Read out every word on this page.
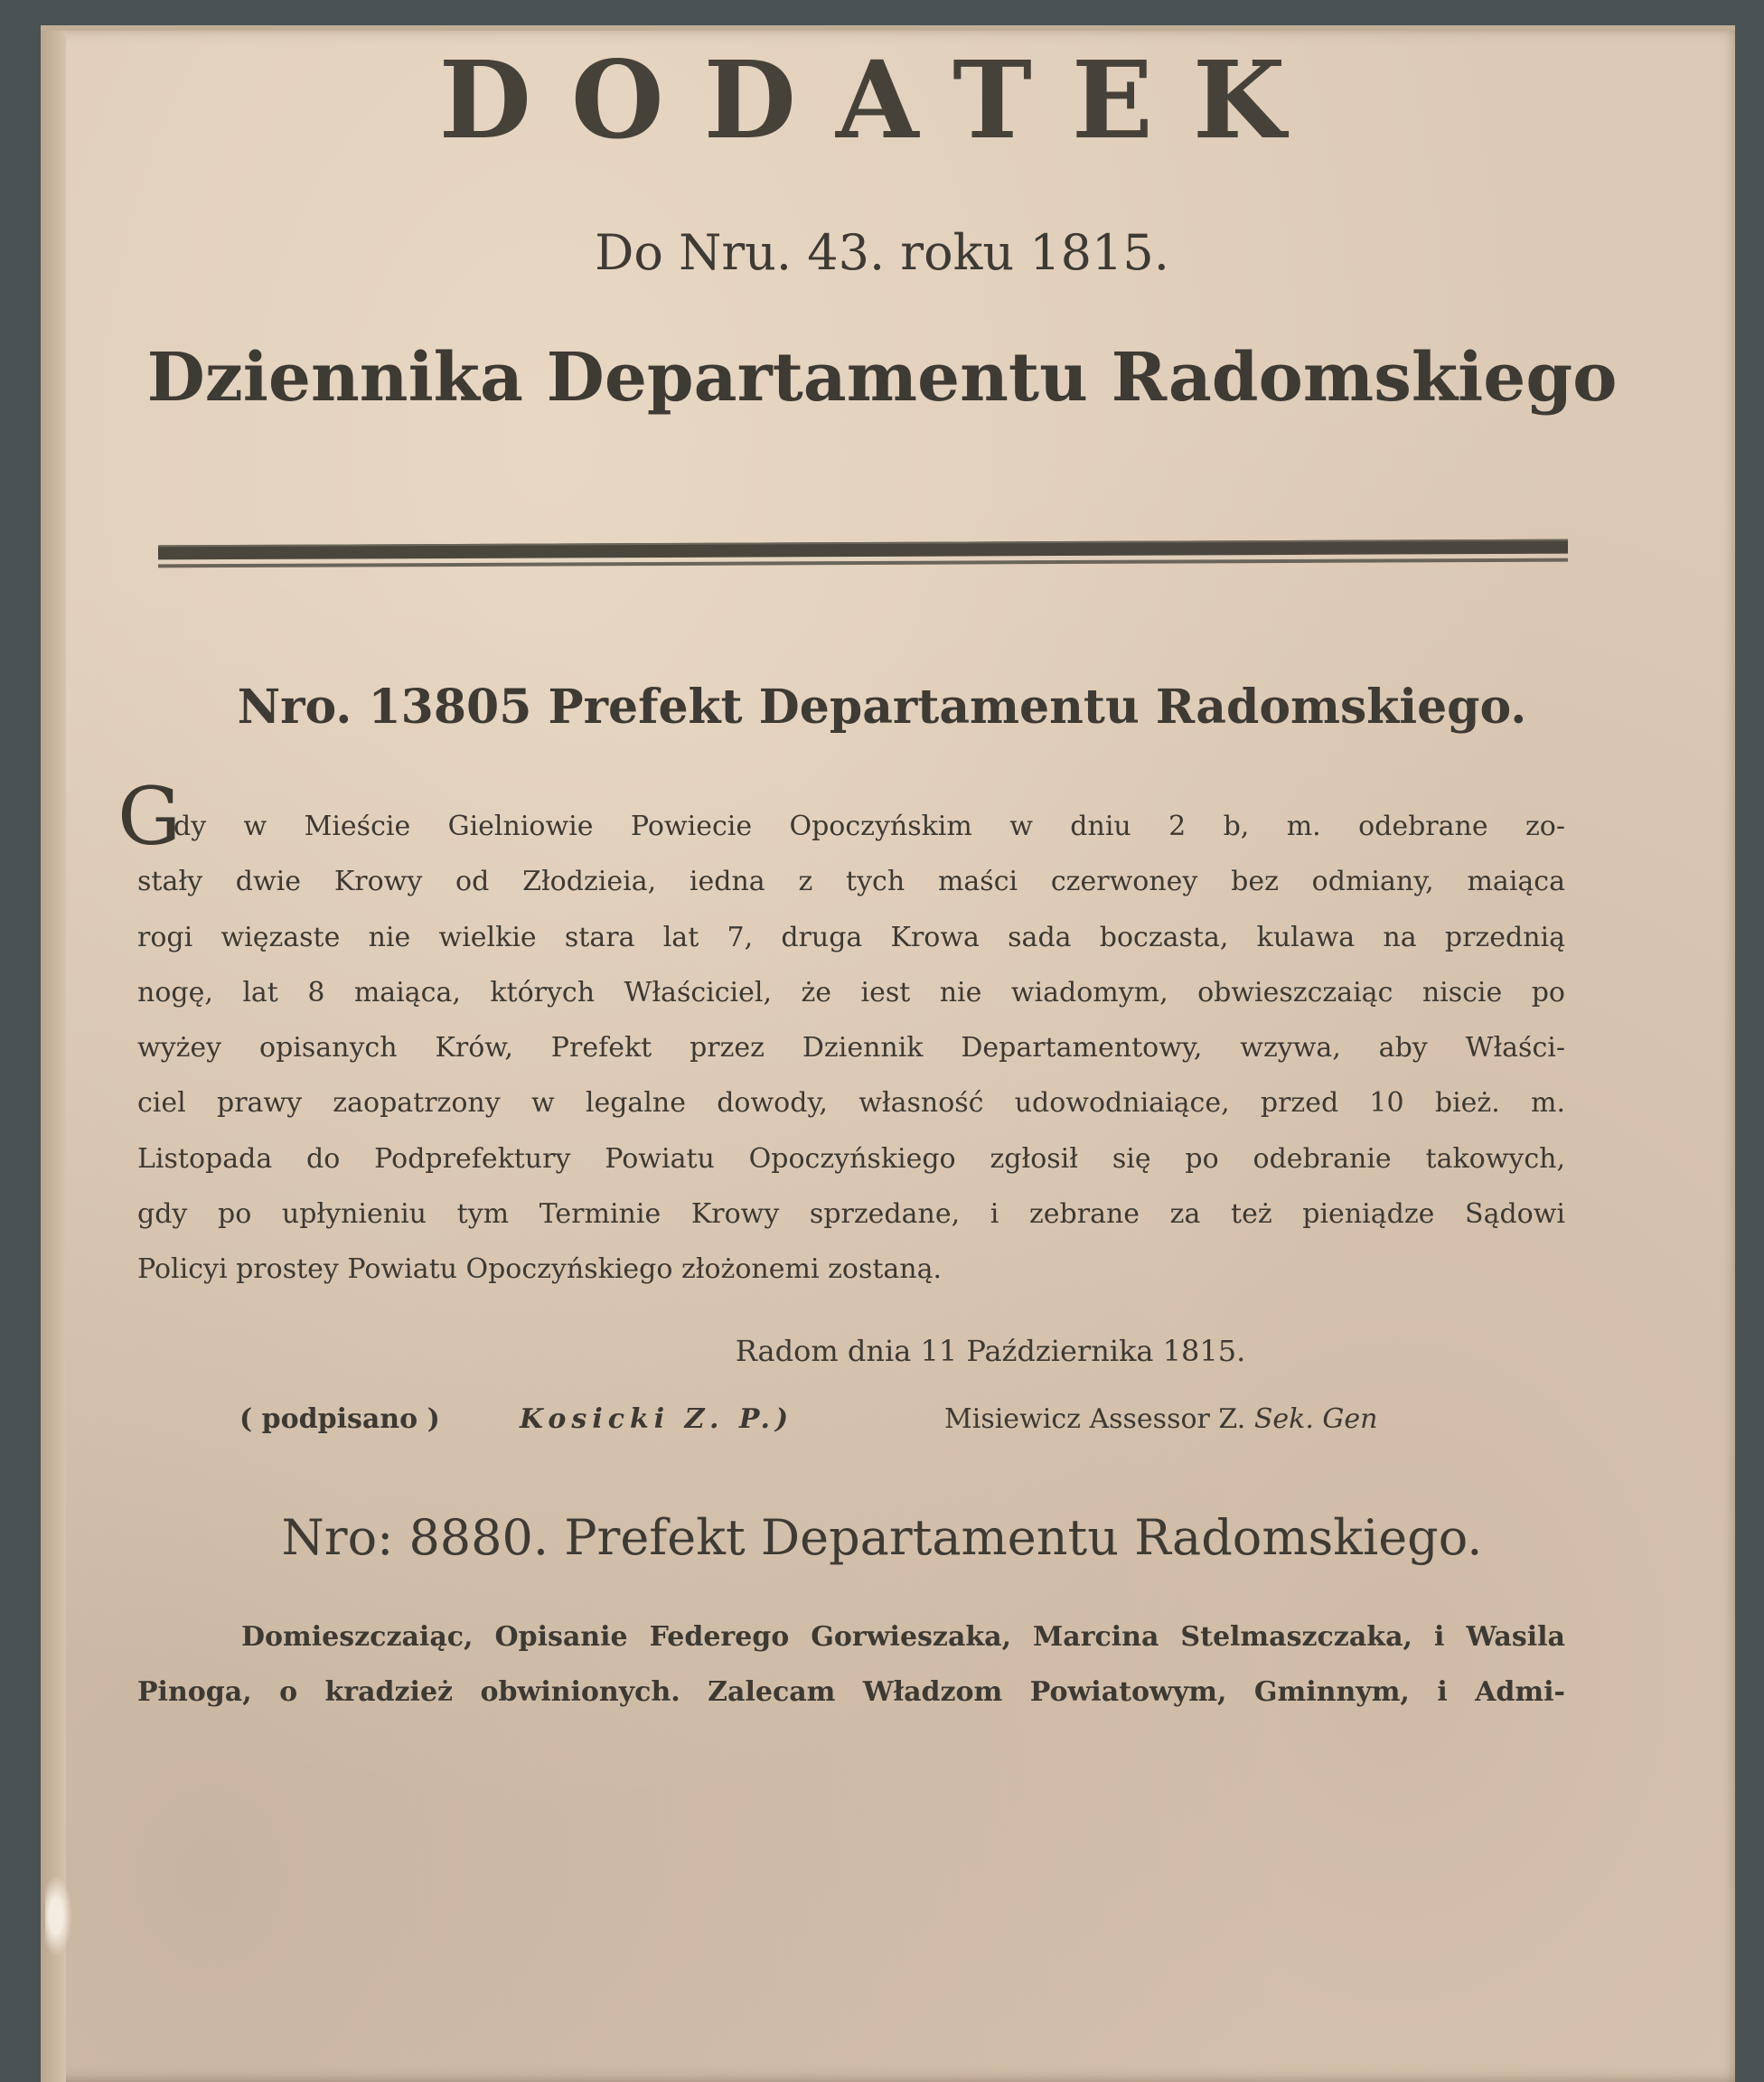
DODATEK
Do Nru. 43. roku 1815.
Dziennika Departamentu Radomskiego
Nro. 13805 Prefekt Departamentu Radomskiego.
G
dy w Mieście Gielniowie Powiecie Opoczyńskim w dniu 2 b, m. odebrane zo-
stały dwie Krowy od Złodzieia, iedna z tych maści czerwoney bez odmiany, maiąca
rogi więzaste nie wielkie stara lat 7, druga Krowa sada boczasta, kulawa na przednią
nogę, lat 8 maiąca, których Właściciel, że iest nie wiadomym, obwieszczaiąc niscie po
wyżey opisanych Krów, Prefekt przez Dziennik Departamentowy, wzywa, aby Właści-
ciel prawy zaopatrzony w legalne dowody, własność udowodniaiące, przed 10 bież. m.
Listopada do Podprefektury Powiatu Opoczyńskiego zgłosił się po odebranie takowych,
gdy po upłynieniu tym Terminie Krowy sprzedane, i zebrane za też pieniądze Sądowi
Policyi prostey Powiatu Opoczyńskiego złożonemi zostaną.
Radom dnia 11 Października 1815.
( podpisano )	Kosicki Z. P.)	Misiewicz Assessor Z. Sek. Gen
Nro: 8880. Prefekt Departamentu Radomskiego.
Domieszczaiąc, Opisanie Federego Gorwieszaka, Marcina Stelmaszczaka, i Wasila
Pinoga, o kradzież obwinionych. Zalecam Władzom Powiatowym, Gminnym, i Admi-
